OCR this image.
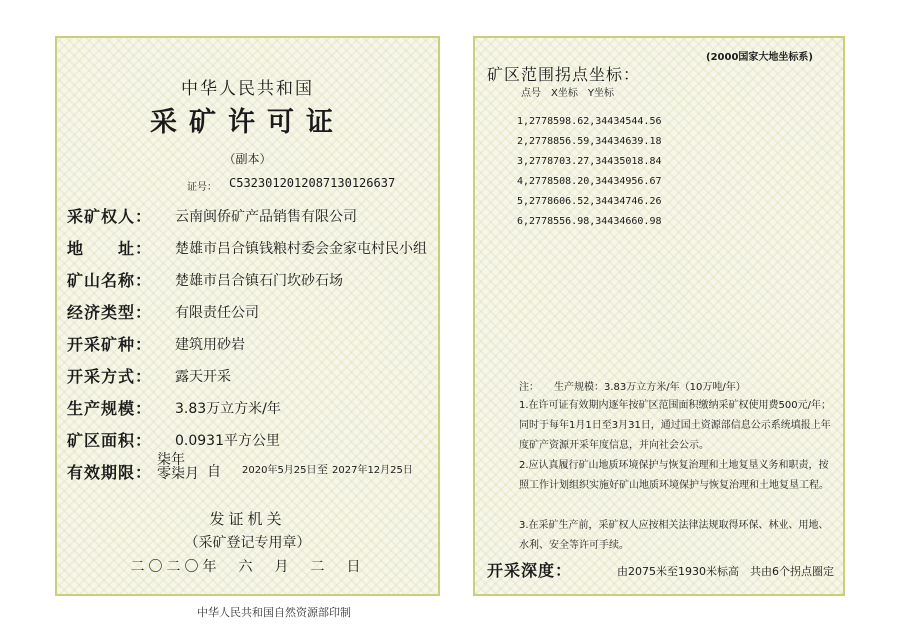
中华人民共和国
采矿许可证
（副本）
证号： C5323012012087130126637
采矿权人： 云南闽侨矿产品销售有限公司
地　　址： 楚雄市吕合镇钱粮村委会金家屯村民小组
矿山名称： 楚雄市吕合镇石门坎砂石场
经济类型： 有限责任公司
开采矿种： 建筑用砂岩
开采方式： 露天开采
生产规模： 3.83万立方米/年
矿区面积： 0.0931平方公里
有效期限：
柒年
零柒月 自 2020年5月25日 至 2027年12月25日
发证机关
（采矿登记专用章）
二〇二〇年　六　月　二　日
中华人民共和国自然资源部印制
(2000国家大地坐标系)
矿区范围拐点坐标：
点号　X坐标　Y坐标
1,2778598.62,34434544.56
2,2778856.59,34434639.18
3,2778703.27,34435018.84
4,2778508.20,34434956.67
5,2778606.52,34434746.26
6,2778556.98,34434660.98
注：　　生产规模：3.83万立方米/年（10万吨/年）
1.在许可证有效期内逐年按矿区范围面积缴纳采矿权使用费500元/年；同时于每年1月1日至3月31日，通过国土资源部信息公示系统填报上年度矿产资源开采年度信息，并向社会公示。
2.应认真履行矿山地质环境保护与恢复治理和土地复垦义务和职责，按照工作计划组织实施好矿山地质环境保护与恢复治理和土地复垦工程。
3.在采矿生产前，采矿权人应按相关法律法规取得环保、林业、用地、水利、安全等许可手续。
开采深度：	由2075米至1930米标高　共由6个拐点圈定
